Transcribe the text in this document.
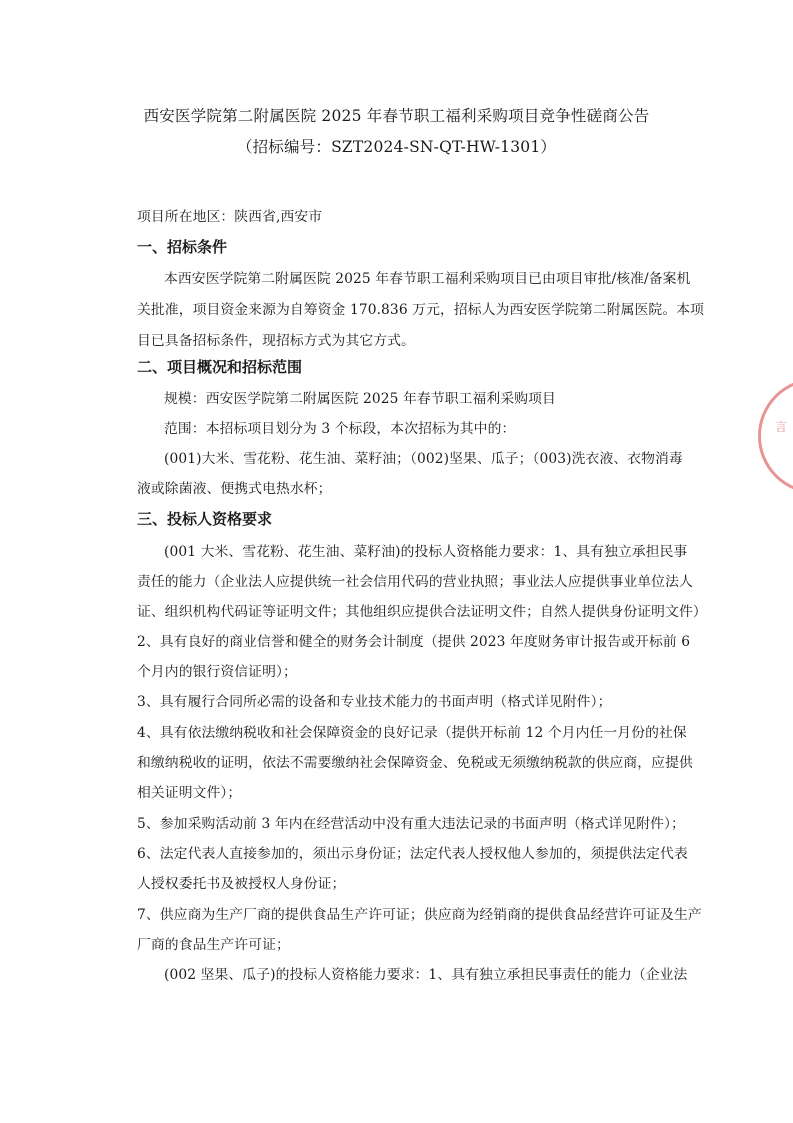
西安医学院第二附属医院 2025 年春节职工福利采购项目竞争性磋商公告
（招标编号：SZT2024-SN-QT-HW-1301）
项目所在地区：陕西省,西安市
一、招标条件
本西安医学院第二附属医院 2025 年春节职工福利采购项目已由项目审批/核准/备案机
关批准，项目资金来源为自筹资金 170.836 万元，招标人为西安医学院第二附属医院。本项
目已具备招标条件，现招标方式为其它方式。
二、项目概况和招标范围
规模：西安医学院第二附属医院 2025 年春节职工福利采购项目
范围：本招标项目划分为 3 个标段，本次招标为其中的：
(001)大米、雪花粉、花生油、菜籽油；（002)坚果、瓜子；（003)洗衣液、衣物消毒
液或除菌液、便携式电热水杯；
三、投标人资格要求
(001 大米、雪花粉、花生油、菜籽油)的投标人资格能力要求：1、具有独立承担民事
责任的能力（企业法人应提供统一社会信用代码的营业执照；事业法人应提供事业单位法人
证、组织机构代码证等证明文件；其他组织应提供合法证明文件；自然人提供身份证明文件）
2、具有良好的商业信誉和健全的财务会计制度（提供 2023 年度财务审计报告或开标前 6
个月内的银行资信证明）；
3、具有履行合同所必需的设备和专业技术能力的书面声明（格式详见附件）；
4、具有依法缴纳税收和社会保障资金的良好记录（提供开标前 12 个月内任一月份的社保
和缴纳税收的证明，依法不需要缴纳社会保障资金、免税或无须缴纳税款的供应商，应提供
相关证明文件）；
5、参加采购活动前 3 年内在经营活动中没有重大违法记录的书面声明（格式详见附件）；
6、法定代表人直接参加的，须出示身份证；法定代表人授权他人参加的，须提供法定代表
人授权委托书及被授权人身份证；
7、供应商为生产厂商的提供食品生产许可证；供应商为经销商的提供食品经营许可证及生产
厂商的食品生产许可证；
(002 坚果、瓜子)的投标人资格能力要求：1、具有独立承担民事责任的能力（企业法
言
